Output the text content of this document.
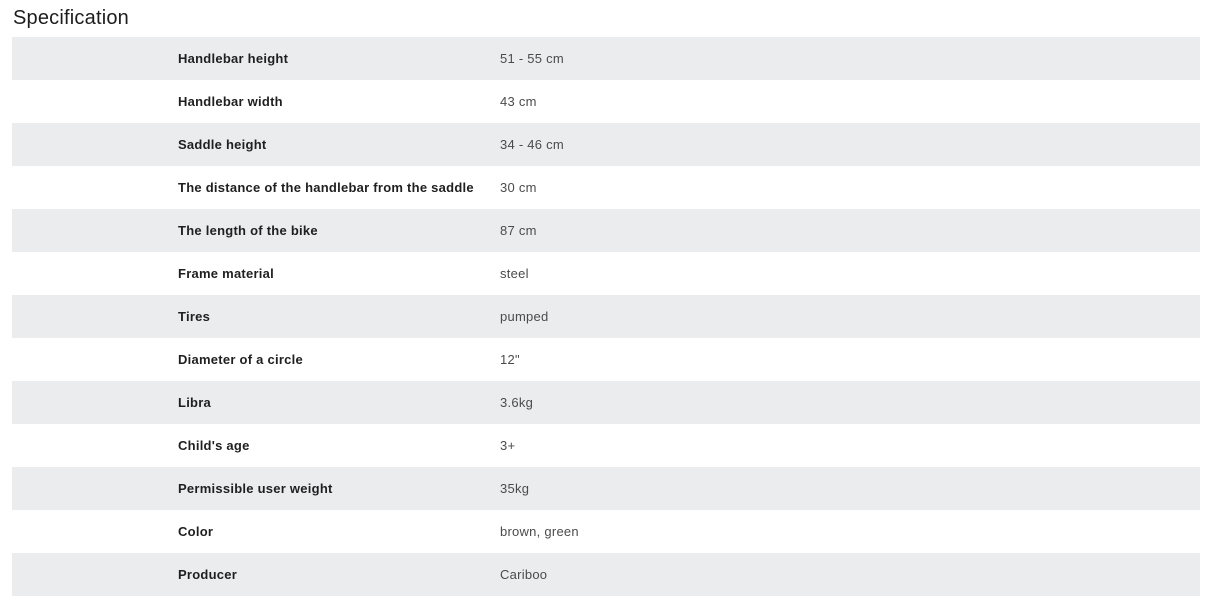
Specification
Handlebar height	51 - 55 cm
Handlebar width	43 cm
Saddle height	34 - 46 cm
The distance of the handlebar from the saddle	30 cm
The length of the bike	87 cm
Frame material	steel
Tires	pumped
Diameter of a circle	12"
Libra	3.6kg
Child's age	3+
Permissible user weight	35kg
Color	brown, green
Producer	Cariboo
